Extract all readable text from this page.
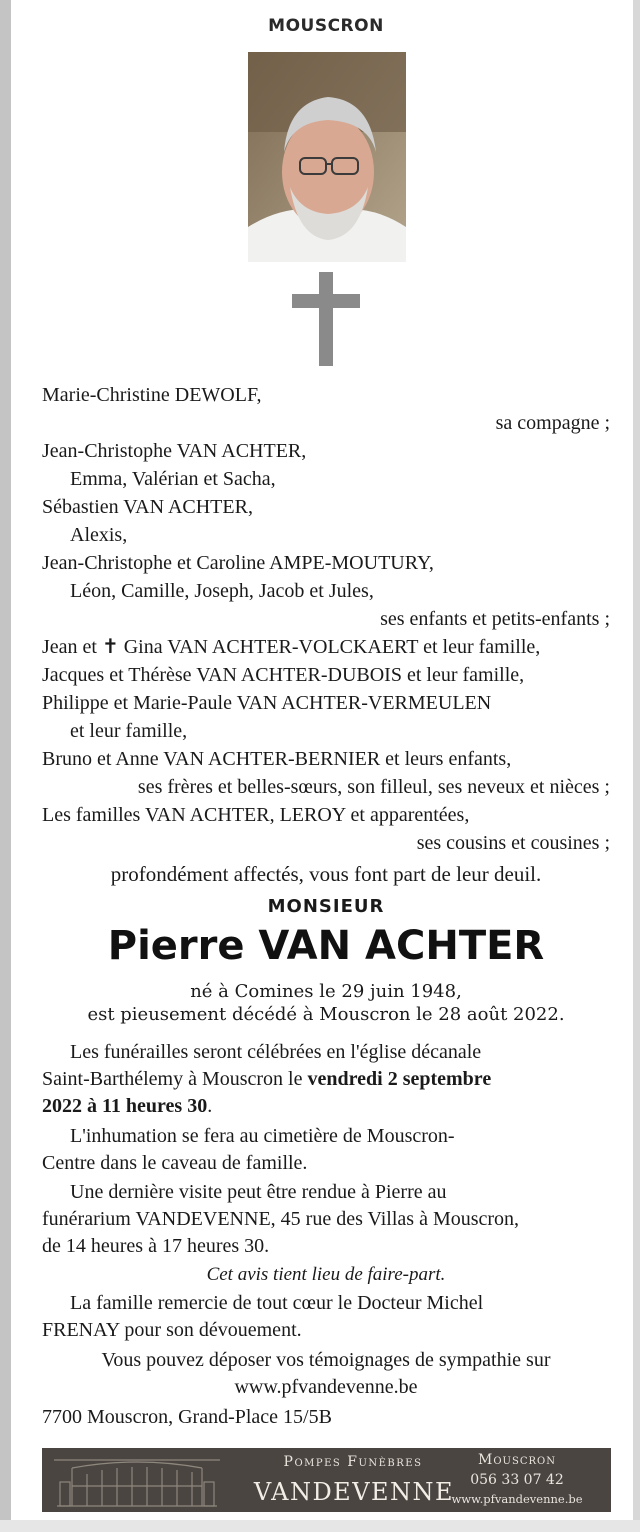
MOUSCRON
Marie-Christine DEWOLF,
sa compagne ;
Jean-Christophe VAN ACHTER,
Emma, Valérian et Sacha,
Sébastien VAN ACHTER,
Alexis,
Jean-Christophe et Caroline AMPE-MOUTURY,
Léon, Camille, Joseph, Jacob et Jules,
ses enfants et petits-enfants ;
Jean et ✝ Gina VAN ACHTER-VOLCKAERT et leur famille,
Jacques et Thérèse VAN ACHTER-DUBOIS et leur famille,
Philippe et Marie-Paule VAN ACHTER-VERMEULEN
et leur famille,
Bruno et Anne VAN ACHTER-BERNIER et leurs enfants,
ses frères et belles-sœurs, son filleul, ses neveux et nièces ;
Les familles VAN ACHTER, LEROY et apparentées,
ses cousins et cousines ;
profondément affectés, vous font part de leur deuil.
MONSIEUR
Pierre VAN ACHTER
né à Comines le 29 juin 1948,
est pieusement décédé à Mouscron le 28 août 2022.
Les funérailles seront célébrées en l'église décanale
Saint-Barthélemy à Mouscron le vendredi 2 septembre
2022 à 11 heures 30.
L'inhumation se fera au cimetière de Mouscron-
Centre dans le caveau de famille.
Une dernière visite peut être rendue à Pierre au
funérarium VANDEVENNE, 45 rue des Villas à Mouscron,
de 14 heures à 17 heures 30.
Cet avis tient lieu de faire-part.
La famille remercie de tout cœur le Docteur Michel
FRENAY pour son dévouement.
Vous pouvez déposer vos témoignages de sympathie sur
www.pfvandevenne.be
7700 Mouscron, Grand-Place 15/5B
Pompes Funèbres
VANDEVENNE
Mouscron
056 33 07 42
www.pfvandevenne.be
